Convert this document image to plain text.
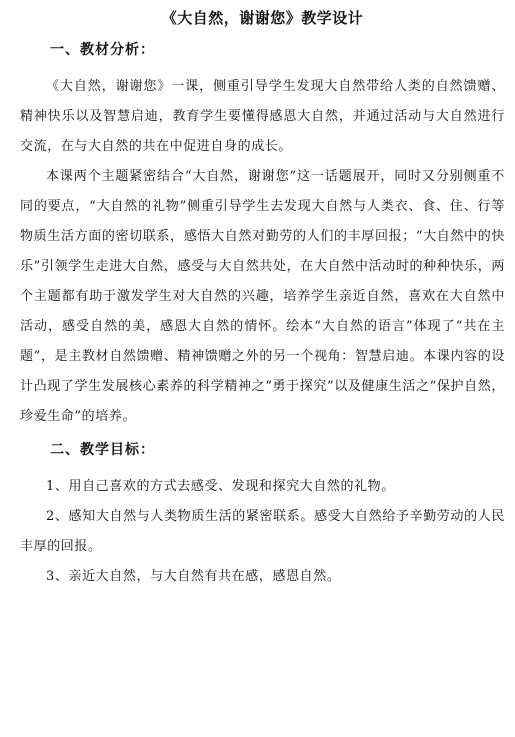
《大自然，谢谢您》教学设计
一、教材分析：

《大自然，谢谢您》一课，侧重引导学生发现大自然带给人类的自然馈赠、精神快乐以及智慧启迪，教育学生要懂得感恩大自然，并通过活动与大自然进行交流，在与大自然的共在中促进自身的成长。

本课两个主题紧密结合“大自然，谢谢您”这一话题展开，同时又分别侧重不同的要点，“大自然的礼物”侧重引导学生去发现大自然与人类衣、食、住、行等物质生活方面的密切联系，感悟大自然对勤劳的人们的丰厚回报；“大自然中的快乐”引领学生走进大自然，感受与大自然共处，在大自然中活动时的种种快乐，两个主题都有助于激发学生对大自然的兴趣，培养学生亲近自然，喜欢在大自然中活动，感受自然的美，感恩大自然的情怀。绘本“大自然的语言”体现了“共在主题”，是主教材自然馈赠、精神馈赠之外的另一个视角：智慧启迪。本课内容的设计凸现了学生发展核心素养的科学精神之“勇于探究”以及健康生活之“保护自然，珍爱生命”的培养。

二、教学目标：

1、用自己喜欢的方式去感受、发现和探究大自然的礼物。

2、感知大自然与人类物质生活的紧密联系。感受大自然给予辛勤劳动的人民丰厚的回报。

3、亲近大自然，与大自然有共在感，感恩自然。
